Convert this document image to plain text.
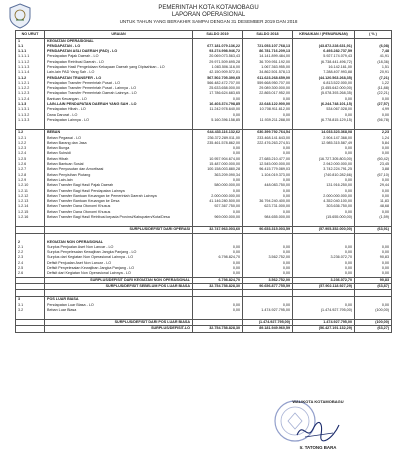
PEMERINTAH KOTA KOTAMOBAGU
LAPORAN OPERASIONAL
UNTUK TAHUN YANG BERAKHIR SAMPAI DENGAN 31 DESEMBER 2019 DAN 2018
NO URUT	URAIAN	SALDO 2019	SALDO 2018	KENAIKAN / (PENURUNAN)	( % )
1	KEGIATAN OPERASIONAL				
1.1	PENDAPATAN - LO	677.181.079.136,22	721.053.107.768,13	(43.872.228.631,91)	(6,08)
1.1.1	PENDAPATAN ASLI DAERAH (PAD) - LO	93.274.998.946,72	86.781.716.209,13	6.493.282.737,59	7,48
1.1.1.1	Pendapatan Pajak Daerah - LO	20.069.073.563,43	14.141.899.484,00	5.927.174.079,43	41,91
1.1.1.2	Pendapatan Retribusi Daerah - LO	29.971.509.695,28	36.709.951.192,00	(6.738.441.496,72)	(18,36)
1.1.1.3	Pendapatan Hasil Pengelolaan Kekayaan Daerah yang Dipisahkan - LO	1.083.506.116,00	1.067.363.955,00	16.142.161,00	1,51
1.1.1.4	Lain-lain PAD Yang Sah - LO	42.150.909.572,01	34.862.501.578,13	7.288.407.993,88	20,91
1.1.2	PENDAPATAN TRANSFER - LO	567.502.705.390,65	611.623.268.659,00	(44.120.563.268,35)	(7,21)
1.1.2.1	Pendapatan Transfer Pemerintah Pusat - LO	566.482.472.707,00	559.668.950.707,00	6.813.522.000,00	1,22
1.1.2.2	Pendapatan Transfer Pemerintah Pusat - Lainnya - LO	25.633.658.000,00	29.089.300.000,00	(3.455.642.000,00)	(11,88)
1.1.2.3	Pendapatan Transfer Pemerintah Daerah Lainnya - LO	17.786.624.683,65	22.865.017.952,00	(5.078.393.268,35)	(22,21)
1.1.2.4	Bantuan Keuangan - LO	0,00	0,00	0,00	0,00
1.1.3	LAIN-LAIN PENDAPATAN DAERAH YANG SAH - LO	16.403.374.798,85	22.648.122.900,00	(6.244.748.101,15)	(27,57)
1.1.3.1	Pendapatan Hibah - LO	11.242.978.640,00	10.708.911.612,00	534.067.028,00	4,99
1.1.3.2	Dana Darurat - LO	0,00	0,00	0,00	0,00
1.1.3.3	Pendapatan Lainnya - LO	5.160.396.158,85	11.939.211.288,00	(6.778.815.129,15)	(56,78)

1.2	BEBAN	644.433.116.132,62	630.399.792.764,54	14.033.323.368,08	2,23
1.2.1	Beban Pegawai - LO	236.372.289.011,00	233.468.141.643,00	2.904.147.368,00	1,24
1.2.2	Beban Barang dan Jasa	235.461.578.862,00	222.476.263.274,51	12.985.315.587,49	5,84
1.2.3	Beban Bunga	0,00	0,00	0,00	0,00
1.2.4	Beban Subsidi	0,00	0,00	0,00	0,00
1.2.5	Beban Hibah	10.957.904.674,00	27.685.210.477,00	(16.727.305.803,00)	(60,42)
1.2.6	Beban Bantuan Sosial	15.487.000.000,00	12.545.000.000,00	2.942.000.000,00	23,45
1.2.7	Beban Penyusutan dan Amortisasi	100.158.003.880,28	96.415.779.089,03	3.742.224.791,25	3,88
1.2.8	Beban Penyisihan Piutang	363.209.090,34	1.104.019.373,00	(740.810.282,66)	(67,10)
1.2.9	Beban Lain-lain	0,00	0,00	0,00	0,00
1.2.10	Beban Transfer Bagi Hasil Pajak Daerah	580.000.000,00	448.083.750,00	131.916.250,00	29,44
1.2.11	Beban Transfer Bagi Hasil Pendapatan Lainnya	0,00	0,00	0,00	0,00
1.2.12	Beban Transfer Bantuan Keuangan ke Pemerintah Daerah Lainnya	2.000.000.000,00	0,00	2.000.000.000,00	0,00
1.2.13	Beban Transfer Bantuan Keuangan ke Desa	41.146.280.500,00	36.794.240.400,00	4.352.040.100,00	11,83
1.2.14	Beban Transfer Dana Otonomi Khusus	927.367.750,00	623.731.000,00	303.636.750,00	48,68
1.2.15	Beban Transfer Dana Otonomi Khusus	0,00	0,00	0,00	0,00
1.2.16	Beban Transfer Bagi Hasil Retribusi kepada Provinsi/Kabupaten/Kota/Desa	969.000.000,00	984.655.000,00	(15.655.000,00)	(1,59)

	SURPLUS/DEFISIT DARI OPERASI	32.747.963.003,60	90.653.315.003,59	(57.905.352.000,00)	(63,91)

2	KEGIATAN NON OPERASIONAL				
2.1	Surplus Penjualan Aset Non Lancar - LO	0,00	0,00	0,00	0,00
2.2	Surplus Penyelesaian Kewajiban Jangka Panjang - LO	0,00	0,00	0,00	0,00
2.3	Surplus dari Kegiatan Non Operasional Lainnya - LO	6.798.824,70	3.562.752,00	3.236.072,70	90,83
2.4	Defisit Penjualan Aset Non Lancar - LO	0,00	0,00	0,00	0,00
2.5	Defisit Penyelesaian Kewajiban Jangka Panjang - LO	0,00	0,00	0,00	0,00
2.6	Defisit dari Kegiatan Non Operasional Lainnya - LO	0,00	0,00	0,00	0,00
	SURPLUS/DEFISIT DARI KEGIATAN NON OPERASIONAL	6.798.824,70	3.562.752,00	3.236.072,70	90,83
	SURPLUS/DEFISIT SEBELUM POS LUAR BIASA	32.754.758.828,30	90.656.877.755,59	(57.902.118.927,29)	(63,87)

3	POS LUAR BIASA				
3.1	Pendapatan Luar Biasa - LO	0,00	0,00	0,00	0,00
3.2	Beban Luar Biasa	0,00	1.474.927.795,00	(1.474.927.795,00)	(100,00)

	SURPLUS/DEFISIT DARI POS LUAR BIASA		(1.474.927.795,00)	1.474.927.795,00	(100,00)
	SURPLUS/DEFISIT-LO	32.754.758.828,30	89.181.949.960,59	(56.427.191.132,29)	(63,27)
WALIKOTA KOTAMOBAGU
Ir. TATONG BARA
